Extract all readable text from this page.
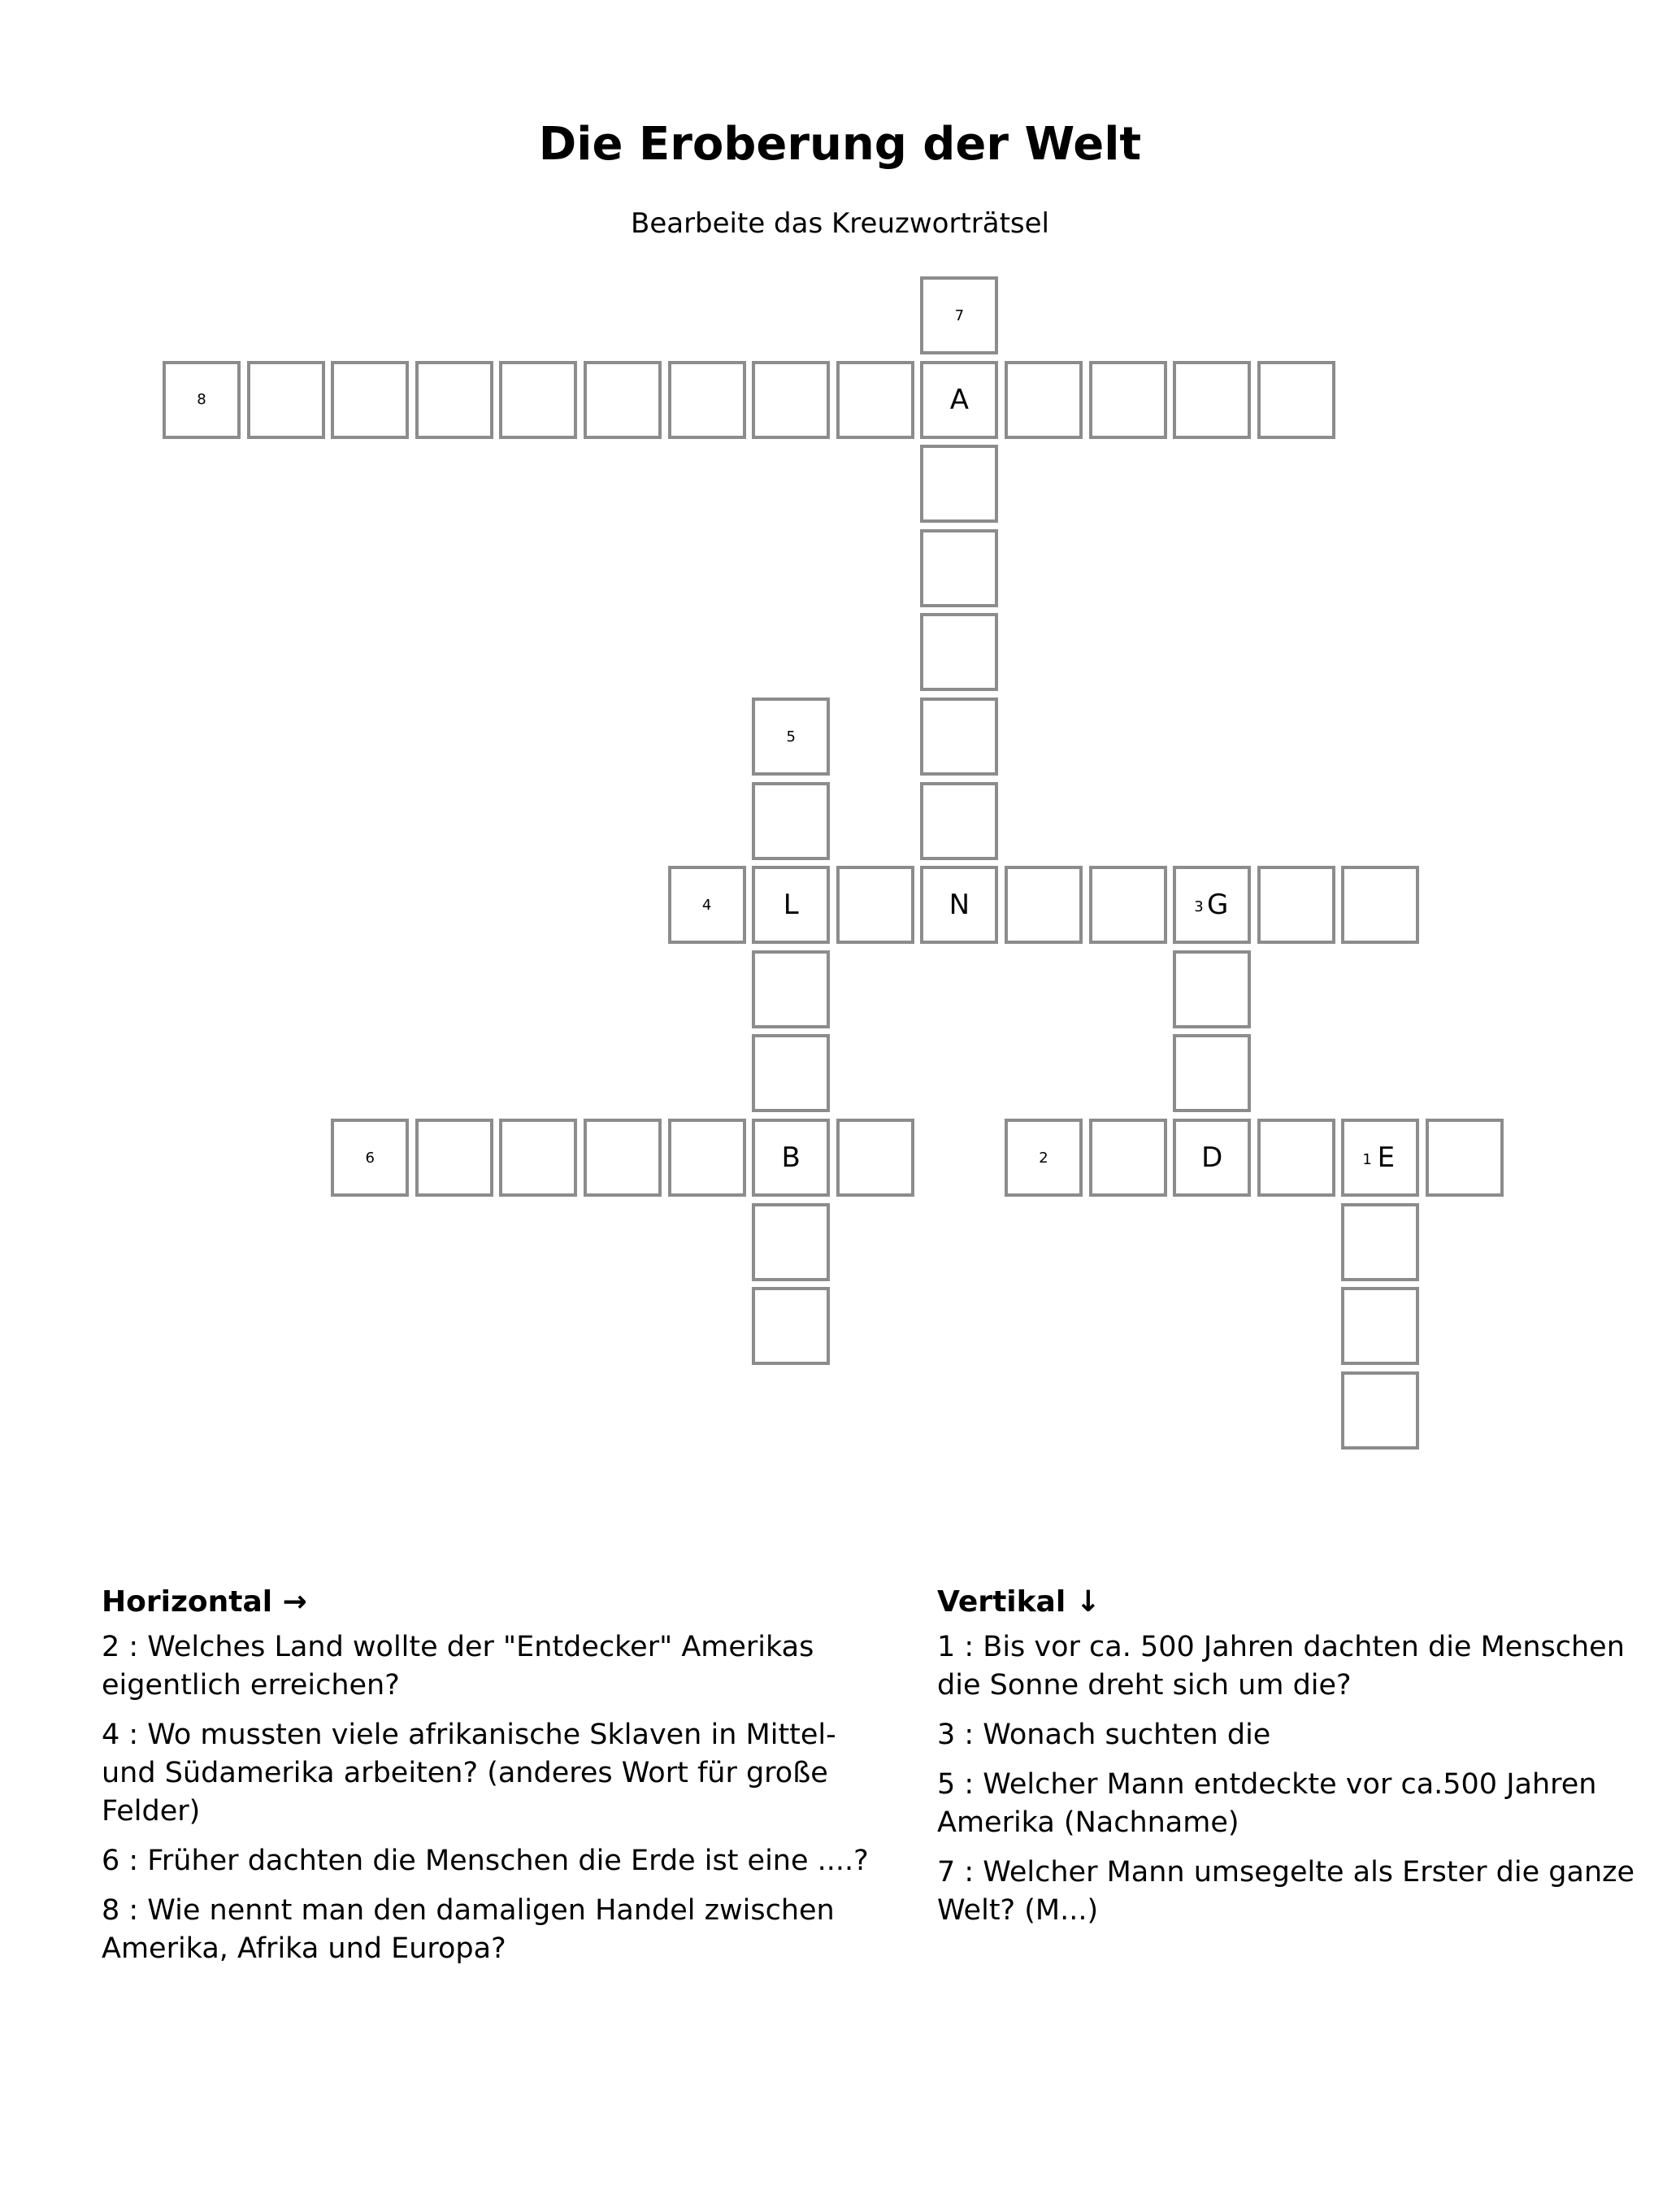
Die Eroberung der Welt
Bearbeite das Kreuzworträtsel
7
8	A
5
4	L	N	3 G
6	B	2	D	1 E
Horizontal →

2 : Welches Land wollte der "Entdecker" Amerikas eigentlich erreichen?

4 : Wo mussten viele afrikanische Sklaven in Mittel- und Südamerika arbeiten? (anderes Wort für große Felder)

6 : Früher dachten die Menschen die Erde ist eine ....?

8 : Wie nennt man den damaligen Handel zwischen Amerika, Afrika und Europa?

Vertikal ↓

1 : Bis vor ca. 500 Jahren dachten die Menschen die Sonne dreht sich um die?

3 : Wonach suchten die

5 : Welcher Mann entdeckte vor ca.500 Jahren Amerika (Nachname)

7 : Welcher Mann umsegelte als Erster die ganze Welt? (M...)
